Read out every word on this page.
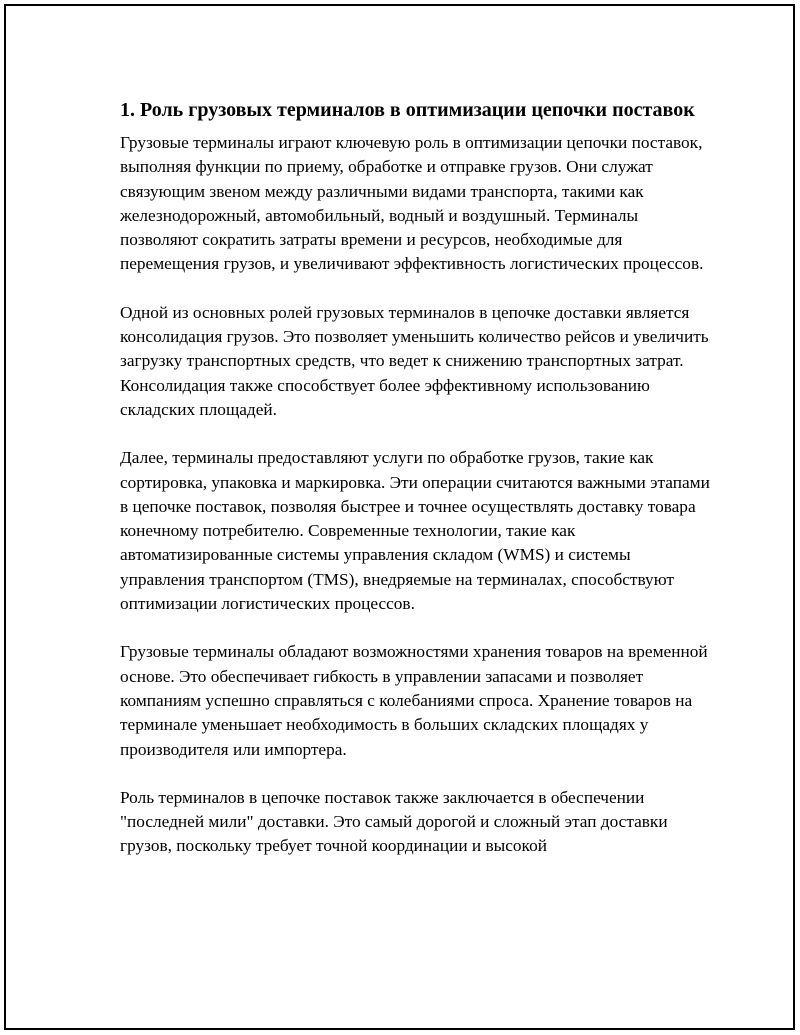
1. Роль грузовых терминалов в оптимизации цепочки поставок

Грузовые терминалы играют ключевую роль в оптимизации цепочки поставок, выполняя функции по приему, обработке и отправке грузов. Они служат связующим звеном между различными видами транспорта, такими как железнодорожный, автомобильный, водный и воздушный. Терминалы позволяют сократить затраты времени и ресурсов, необходимые для перемещения грузов, и увеличивают эффективность логистических процессов.

Одной из основных ролей грузовых терминалов в цепочке доставки является консолидация грузов. Это позволяет уменьшить количество рейсов и увеличить загрузку транспортных средств, что ведет к снижению транспортных затрат. Консолидация также способствует более эффективному использованию складских площадей.

Далее, терминалы предоставляют услуги по обработке грузов, такие как сортировка, упаковка и маркировка. Эти операции считаются важными этапами в цепочке поставок, позволяя быстрее и точнее осуществлять доставку товара конечному потребителю. Современные технологии, такие как автоматизированные системы управления складом (WMS) и системы управления транспортом (TMS), внедряемые на терминалах, способствуют оптимизации логистических процессов.

Грузовые терминалы обладают возможностями хранения товаров на временной основе. Это обеспечивает гибкость в управлении запасами и позволяет компаниям успешно справляться с колебаниями спроса. Хранение товаров на терминале уменьшает необходимость в больших складских площадях у производителя или импортера.

Роль терминалов в цепочке поставок также заключается в обеспечении "последней мили" доставки. Это самый дорогой и сложный этап доставки грузов, поскольку требует точной координации и высокой
